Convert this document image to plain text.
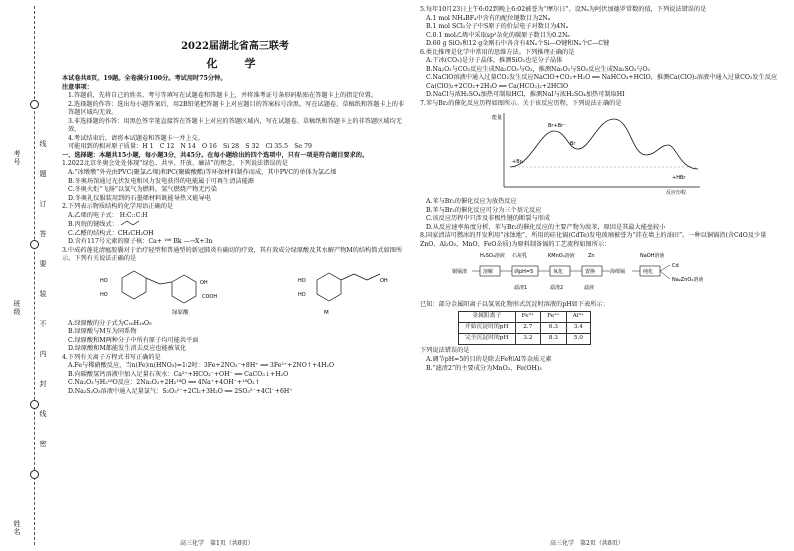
考号
班级
姓名
线
题
订
答
要
装
不
内
封
线
密
2022届湖北省高三联考
化　学
本试卷共8页，19题。全卷满分100分。考试用时75分钟。
注意事项：
1.答题前，先将自己的姓名、考号等填写在试题卷和答题卡上，并将准考证号条形码粘贴在答题卡上的指定位置。
2.选择题的作答：选出每小题答案后，用2B铅笔把答题卡上对应题目的答案标号涂黑，写在试题卷、草稿纸和答题卡上的非答题区域均无效。
3.非选择题的作答：用黑色签字笔直接答在答题卡上对应的答题区域内，写在试题卷、草稿纸和答题卡上的非答题区域均无效。
4.考试结束后，请将本试题卷和答题卡一并上交。
可能用到的相对原子质量：H 1　C 12　N 14　O 16　Si 28　S 32　Cl 35.5　Se 79
一、选择题：本题共15小题，每小题3分，共45分。在每小题给出的四个选项中，只有一项是符合题目要求的。
1.2022北京冬奥会处处体现“绿色、共享、开放、廉洁”的理念，下列说法错误的是
A.“冰墩墩”外壳由PVC(聚氯乙烯)和PC(聚碳酸酯)等环保材料制作而成，其中PVC的单体为氯乙烯
B.冬奥场馆通过光伏发电和风力发电获得的电能属于可再生清洁能源
C.冬奥火炬“飞扬”以氢气为燃料，氢气燃烧产物无污染
D.冬奥礼仪服装用到的石墨烯材料既能导热又能导电
2.下列表示物质结构的化学用语正确的是
A.乙烯的电子式： H:C::C:H
B.丙烷的键线式：
C.乙醛的结构式：CH₃CH₂OH
D.含有117号元素的原子核：Ca+ ¹⁶⁶ Bk —→X+3n
3.中成药莲花清瘟胶囊对于治疗轻型和普通型的新冠肺炎有确切的疗效，其有效成分绿原酸及其水解产物M的结构简式如图所示。下列有关说法正确的是
HO
HO
OH
COOH
HO
HO
OH
绿原酸	M
A.绿原酸的分子式为C₁₆H₁₈O₉
B.绿原酸与M互为同系物
C.绿原酸和M两种分子中所有原子均可能共平面
D.绿原酸和M都能发生消去反应也能被氧化
4.下列有关离子方程式书写正确的是
A.Fe与稀硝酸反应，当n(Fe)∶n(HNO₃)=1∶2时：3Fe+2NO₃⁻+8H⁺ ══ 3Fe²⁺+2NO↑+4H₂O
B.向碳酸氢钙溶液中加入足量石灰水：Ca²⁺+HCO₃⁻+OH⁻ ══ CaCO₃↓+H₂O
C.Na₂O₂与H₂¹⁸O反应：2Na₂O₂+2H₂¹⁸O ══ 4Na⁺+4OH⁻+¹⁸O₂↑
D.Na₂S₂O₃溶液中通入足量氯气：S₂O₃²⁻+2Cl₂+3H₂O ══ 2SO₃²⁻+4Cl⁻+6H⁺
高三化学　第1页（共8页）
5.每年10月23日上午6:02到晚上6:02被誉为“摩尔日”。设Nₐ为阿伏加德罗常数的值，下列说法错误的是
A.1 mol NH₄BF₄中含有的配位键数目为2Nₐ
B.1 mol SCl₂分子中S原子的价层电子对数目为4Nₐ
C.0.1 mol乙烯中采取sp²杂化的碳原子数目为0.2Nₐ
D.60 g SiO₂和12 g金刚石中各含有4Nₐ个Si—O键和Nₐ个C—C键
6.类比推理是化学中常用的思维方法。下列推理正确的是
A.干冰(CO₂)是分子晶体，推测SiO₂也是分子晶体
B.Na₂O₂与CO₂反应生成Na₂CO₃与O₂，推测Na₂O₂与SO₂反应生成Na₂SO₃与O₂
C.NaClO溶液中通入过量CO₂发生反应NaClO+CO₂+H₂O ══ NaHCO₃+HClO，推测Ca(ClO)₂溶液中通入过量CO₂发生反应Ca(ClO)₂+2CO₂+2H₂O ══ Ca(HCO₃)₂+2HClO
D.NaCl与浓H₂SO₄加热可制取HCl，推测NaI与浓H₂SO₄加热可制取HI
7.苯与Br₂的催化反应历程如图所示。关于该反应历程，下列说法正确的是
能量
反应历程
+Br₂
+HBr
Br
Br+Br⁻
A.苯与Br₂的催化反应为放热反应
B.苯与Br₂的催化反应可分为三个基元反应
C.该反应历程中只涉及非极性键的断裂与形成
D.从反应速率角度分析，苯与Br₂的催化反应的主要产物为溴苯，原因是其最大能垒较小
8.国家清洁可燃冰的开发利用“冰蚀地”，所用的硅化镉(CdTe)发电玻璃被誉为“挂在墙上的油田”。一种以铜镉渣(含CdO及少量ZnO、Al₂O₃、MnO、FeO杂质)为原料制备镉的工艺流程如图所示：
铜镉渣	溶解	调pH=5	氧化	置换	海绵镉	纯化
Cd
H₂SO₄溶液 石灰乳	KMnO₄溶液	Zn	NaOH溶液
滤渣1	滤渣2	滤液
Na₂ZnO₂溶液
已知：部分金属阳离子以氢氧化物形式沉淀时溶液的pH如下表所示：
金属阳离子	Fe³⁺	Fe²⁺	Al³⁺
开始沉淀时的pH	2.7	6.3	3.4
完全沉淀时的pH	3.2	8.3	5.0
下列说法错误的是
A.调节pH=5的目的是除去Fe和Al等杂质元素
B.“滤渣2”的主要成分为MnO₂、Fe(OH)₃
高三化学　第2页（共8页）
